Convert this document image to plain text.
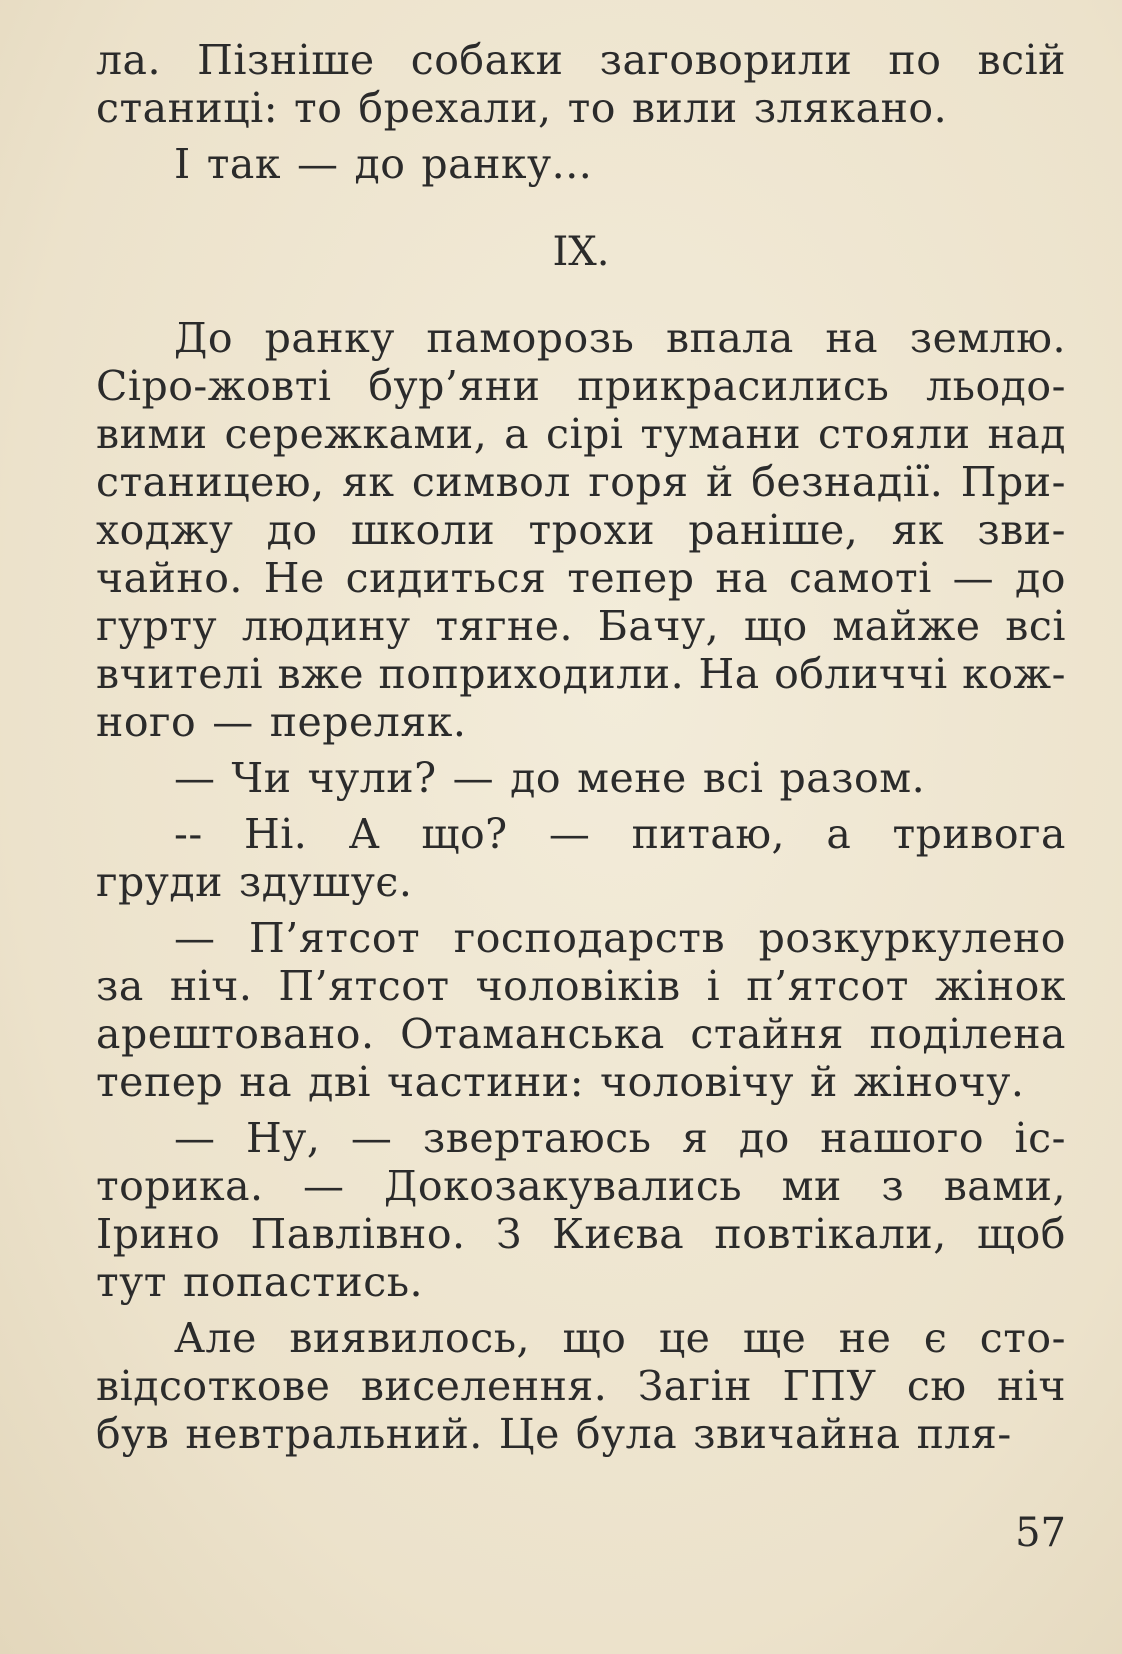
ла. Пізніше собаки заговорили по всій
станиці: то брехали, то вили злякано.
І так — до ранку...
IX.
До ранку паморозь впала на землю.
Сіро-жовті бур’яни прикрасились льодо-
вими сережками, а сірі тумани стояли над
станицею, як символ горя й безнадії. При-
ходжу до школи трохи раніше, як зви-
чайно. Не сидиться тепер на самоті — до
гурту людину тягне. Бачу, що майже всі
вчителі вже поприходили. На обличчі кож-
ного — переляк.
— Чи чули? — до мене всі разом.
-- Ні. А що? — питаю, а тривога
груди здушує.
— П’ятсот господарств розкуркулено
за ніч. П’ятсот чоловіків і п’ятсот жінок
арештовано. Отаманська стайня поділена
тепер на дві частини: чоловічу й жіночу.
— Ну, — звертаюсь я до нашого іс-
торика. — Докозакувались ми з вами,
Ірино Павлівно. З Києва повтікали, щоб
тут попастись.
Але виявилось, що це ще не є сто-
відсоткове виселення. Загін ГПУ сю ніч
був невтральний. Це була звичайна пля-
57
